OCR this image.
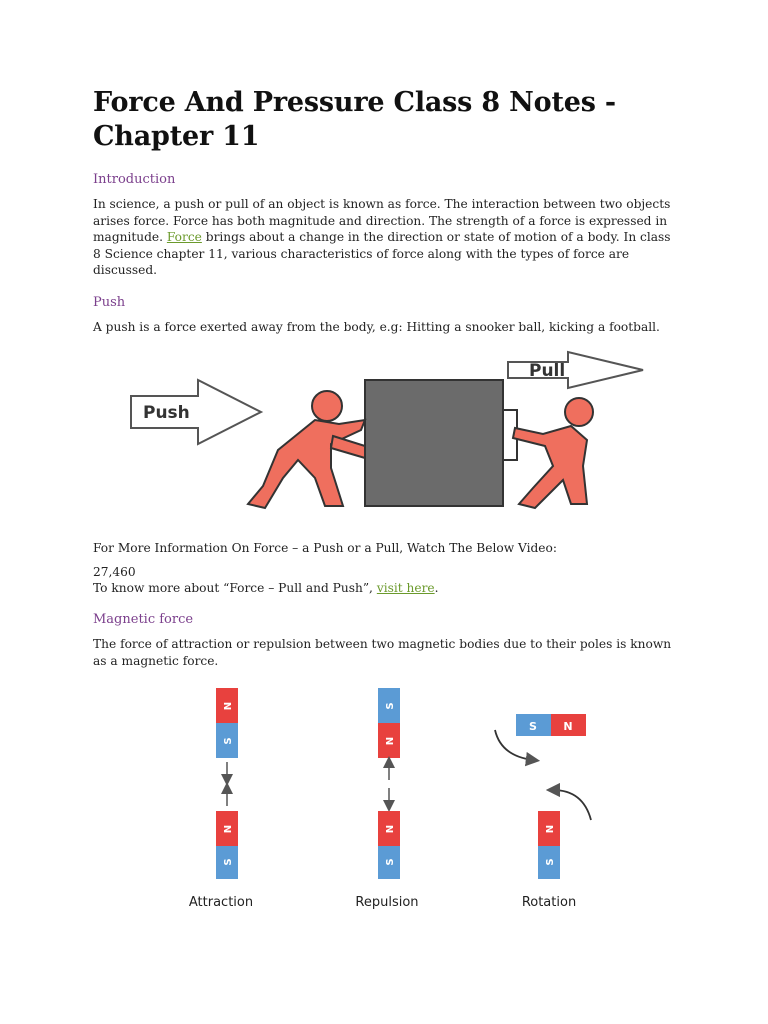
Force And Pressure Class 8 Notes - Chapter 11

Introduction

In science, a push or pull of an object is known as force. The interaction between two objects arises force. Force has both magnitude and direction. The strength of a force is expressed in magnitude. Force brings about a change in the direction or state of motion of a body. In class 8 Science chapter 11, various characteristics of force along with the types of force are discussed.

Push

A push is a force exerted away from the body, e.g: Hitting a snooker ball, kicking a football.

Push
Pull

For More Information On Force – a Push or a Pull, Watch The Below Video:

27,460

To know more about “Force – Pull and Push”, visit here.

Magnetic force

The force of attraction or repulsion between two magnetic bodies due to their poles is known as a magnetic force.

N
S
N
S
Attraction
S
N
N
S
Repulsion
S N
N
S
Rotation
